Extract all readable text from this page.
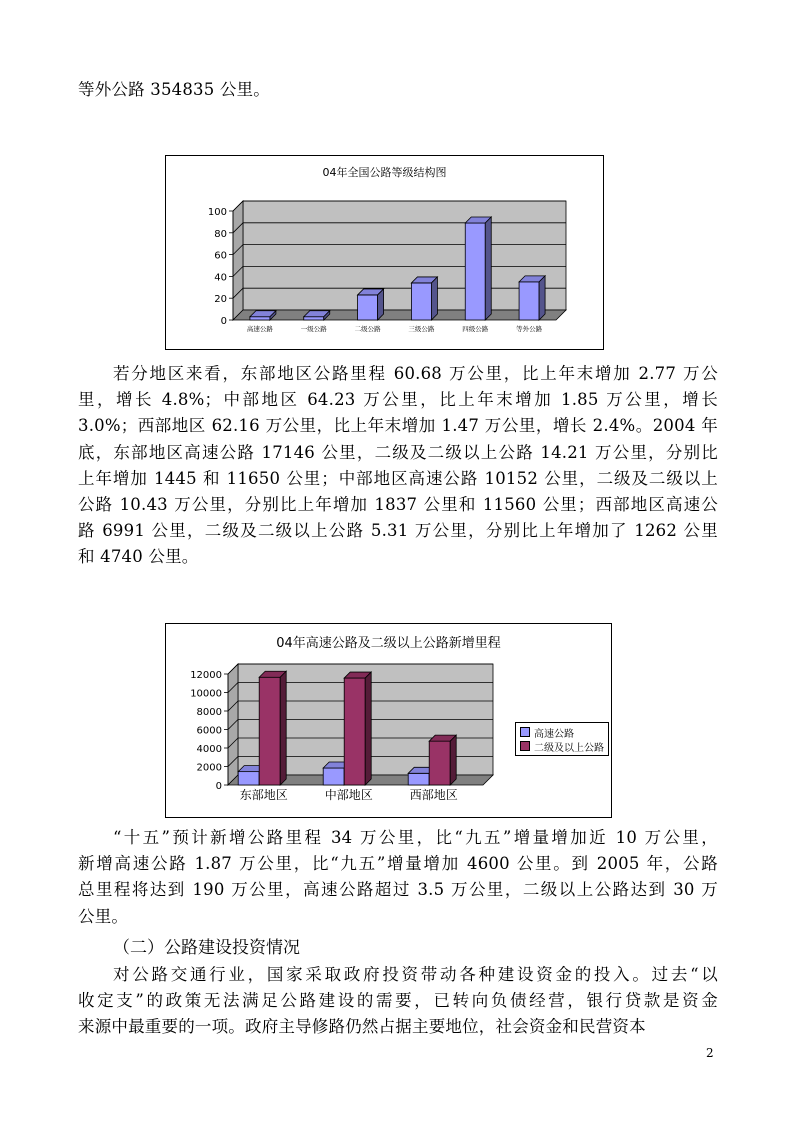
等外公路 354835 公里。
04年全国公路等级结构图
0
20
40
60
80
100
高速公路	一级公路	二级公路	三级公路	四级公路	等外公路
若分地区来看，东部地区公路里程 60.68 万公里，比上年末增加 2.77 万公
里，增长 4.8%；中部地区 64.23 万公里，比上年末增加 1.85 万公里，增长
3.0%；西部地区 62.16 万公里，比上年末增加 1.47 万公里，增长 2.4%。2004 年
底，东部地区高速公路 17146 公里，二级及二级以上公路 14.21 万公里，分别比
上年增加 1445 和 11650 公里；中部地区高速公路 10152 公里，二级及二级以上
公路 10.43 万公里，分别比上年增加 1837 公里和 11560 公里；西部地区高速公
路 6991 公里，二级及二级以上公路 5.31 万公里，分别比上年增加了 1262 公里
和 4740 公里。
04年高速公路及二级以上公路新增里程
0
2000
4000
6000
8000
10000
12000
东部地区	中部地区	西部地区
高速公路
二级及以上公路
“十五”预计新增公路里程 34 万公里，比“九五”增量增加近 10 万公里，
新增高速公路 1.87 万公里，比“九五”增量增加 4600 公里。到 2005 年，公路
总里程将达到 190 万公里，高速公路超过 3.5 万公里，二级以上公路达到 30 万
公里。
（二）公路建设投资情况
对公路交通行业，国家采取政府投资带动各种建设资金的投入。过去“以
收定支”的政策无法满足公路建设的需要，已转向负债经营，银行贷款是资金
来源中最重要的一项。政府主导修路仍然占据主要地位，社会资金和民营资本
2
